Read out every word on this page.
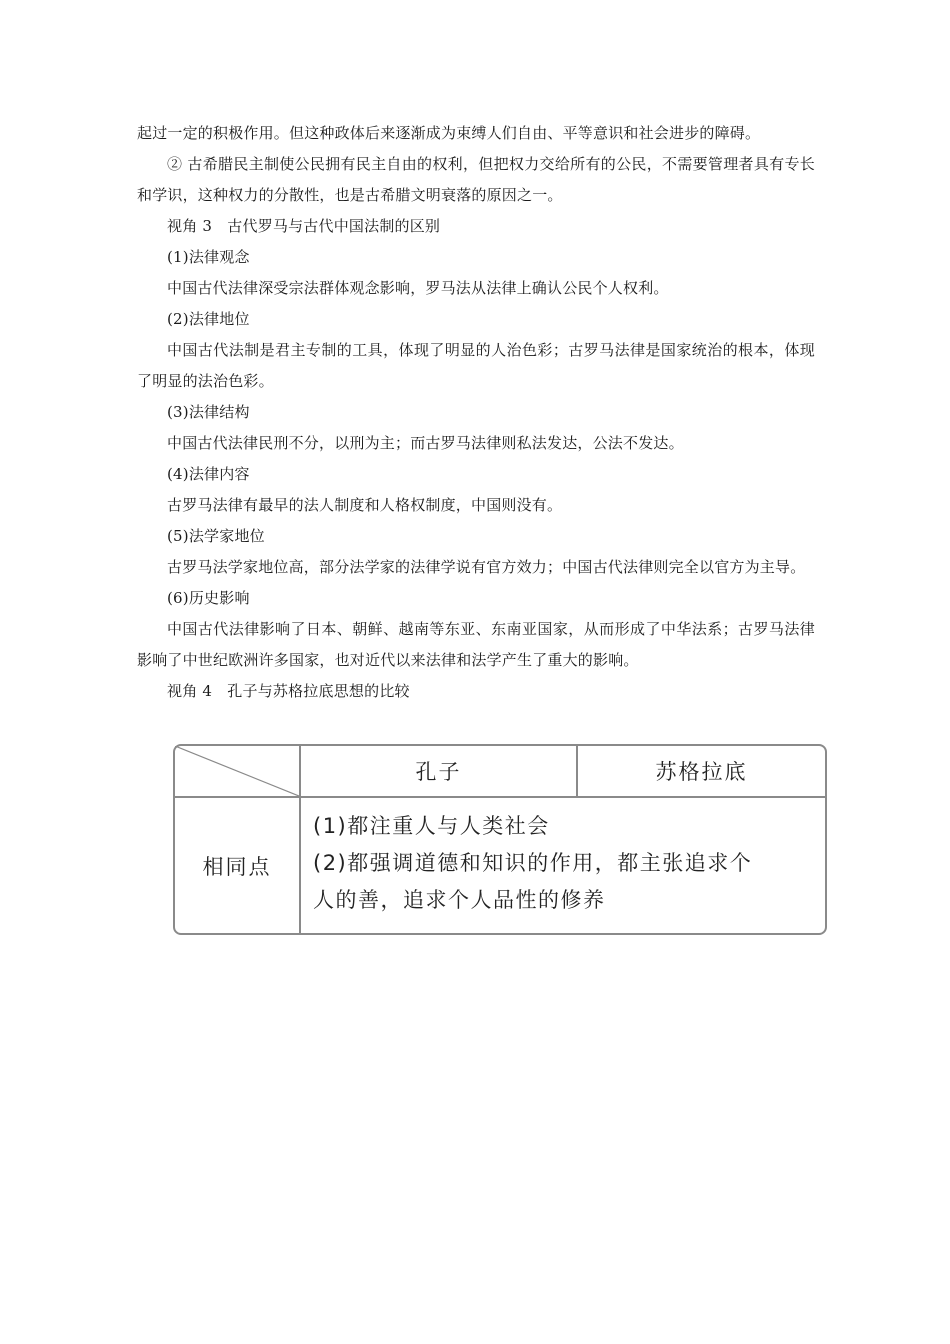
起过一定的积极作用。但这种政体后来逐渐成为束缚人们自由、平等意识和社会进步的障碍。

② 古希腊民主制使公民拥有民主自由的权利，但把权力交给所有的公民，不需要管理者具有专长和学识，这种权力的分散性，也是古希腊文明衰落的原因之一。

视角 3　古代罗马与古代中国法制的区别

(1)法律观念

中国古代法律深受宗法群体观念影响，罗马法从法律上确认公民个人权利。

(2)法律地位

中国古代法制是君主专制的工具，体现了明显的人治色彩；古罗马法律是国家统治的根本，体现了明显的法治色彩。

(3)法律结构

中国古代法律民刑不分，以刑为主；而古罗马法律则私法发达，公法不发达。

(4)法律内容

古罗马法律有最早的法人制度和人格权制度，中国则没有。

(5)法学家地位

古罗马法学家地位高，部分法学家的法律学说有官方效力；中国古代法律则完全以官方为主导。

(6)历史影响

中国古代法律影响了日本、朝鲜、越南等东亚、东南亚国家，从而形成了中华法系；古罗马法律影响了中世纪欧洲许多国家，也对近代以来法律和法学产生了重大的影响。

视角 4　孔子与苏格拉底思想的比较

孔子	苏格拉底
相同点
(1)都注重人与人类社会
(2)都强调道德和知识的作用，都主张追求个
人的善，追求个人品性的修养
